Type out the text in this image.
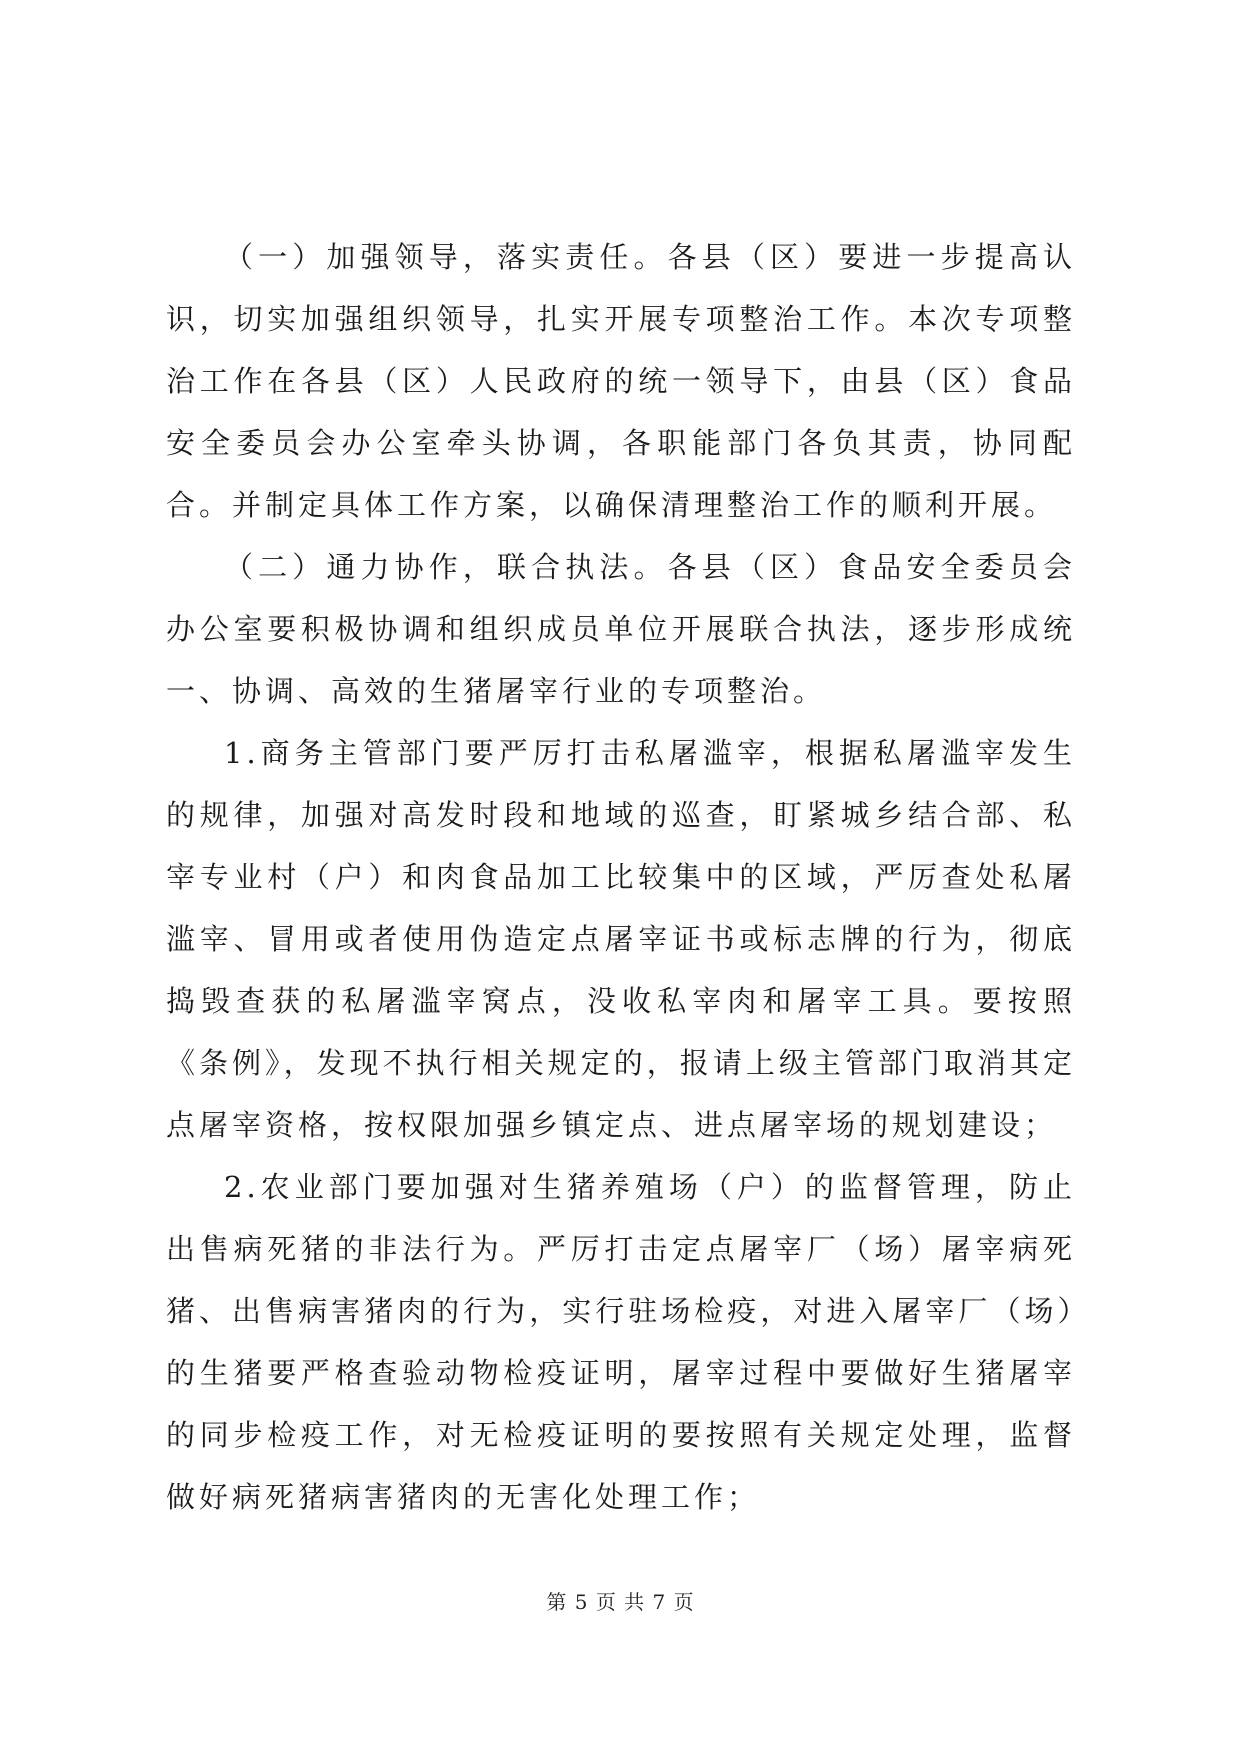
（一）加强领导，落实责任。各县（区）要进一步提高认识，切实加强组织领导，扎实开展专项整治工作。本次专项整治工作在各县（区）人民政府的统一领导下，由县（区）食品安全委员会办公室牵头协调，各职能部门各负其责，协同配合。并制定具体工作方案，以确保清理整治工作的顺利开展。

（二）通力协作，联合执法。各县（区）食品安全委员会办公室要积极协调和组织成员单位开展联合执法，逐步形成统一、协调、高效的生猪屠宰行业的专项整治。

1.商务主管部门要严厉打击私屠滥宰，根据私屠滥宰发生的规律，加强对高发时段和地域的巡查，盯紧城乡结合部、私宰专业村（户）和肉食品加工比较集中的区域，严厉查处私屠滥宰、冒用或者使用伪造定点屠宰证书或标志牌的行为，彻底捣毁查获的私屠滥宰窝点，没收私宰肉和屠宰工具。要按照《条例》，发现不执行相关规定的，报请上级主管部门取消其定点屠宰资格，按权限加强乡镇定点、进点屠宰场的规划建设；

2.农业部门要加强对生猪养殖场（户）的监督管理，防止出售病死猪的非法行为。严厉打击定点屠宰厂（场）屠宰病死猪、出售病害猪肉的行为，实行驻场检疫，对进入屠宰厂（场）的生猪要严格查验动物检疫证明，屠宰过程中要做好生猪屠宰的同步检疫工作，对无检疫证明的要按照有关规定处理，监督做好病死猪病害猪肉的无害化处理工作；

第 5 页 共 7 页
